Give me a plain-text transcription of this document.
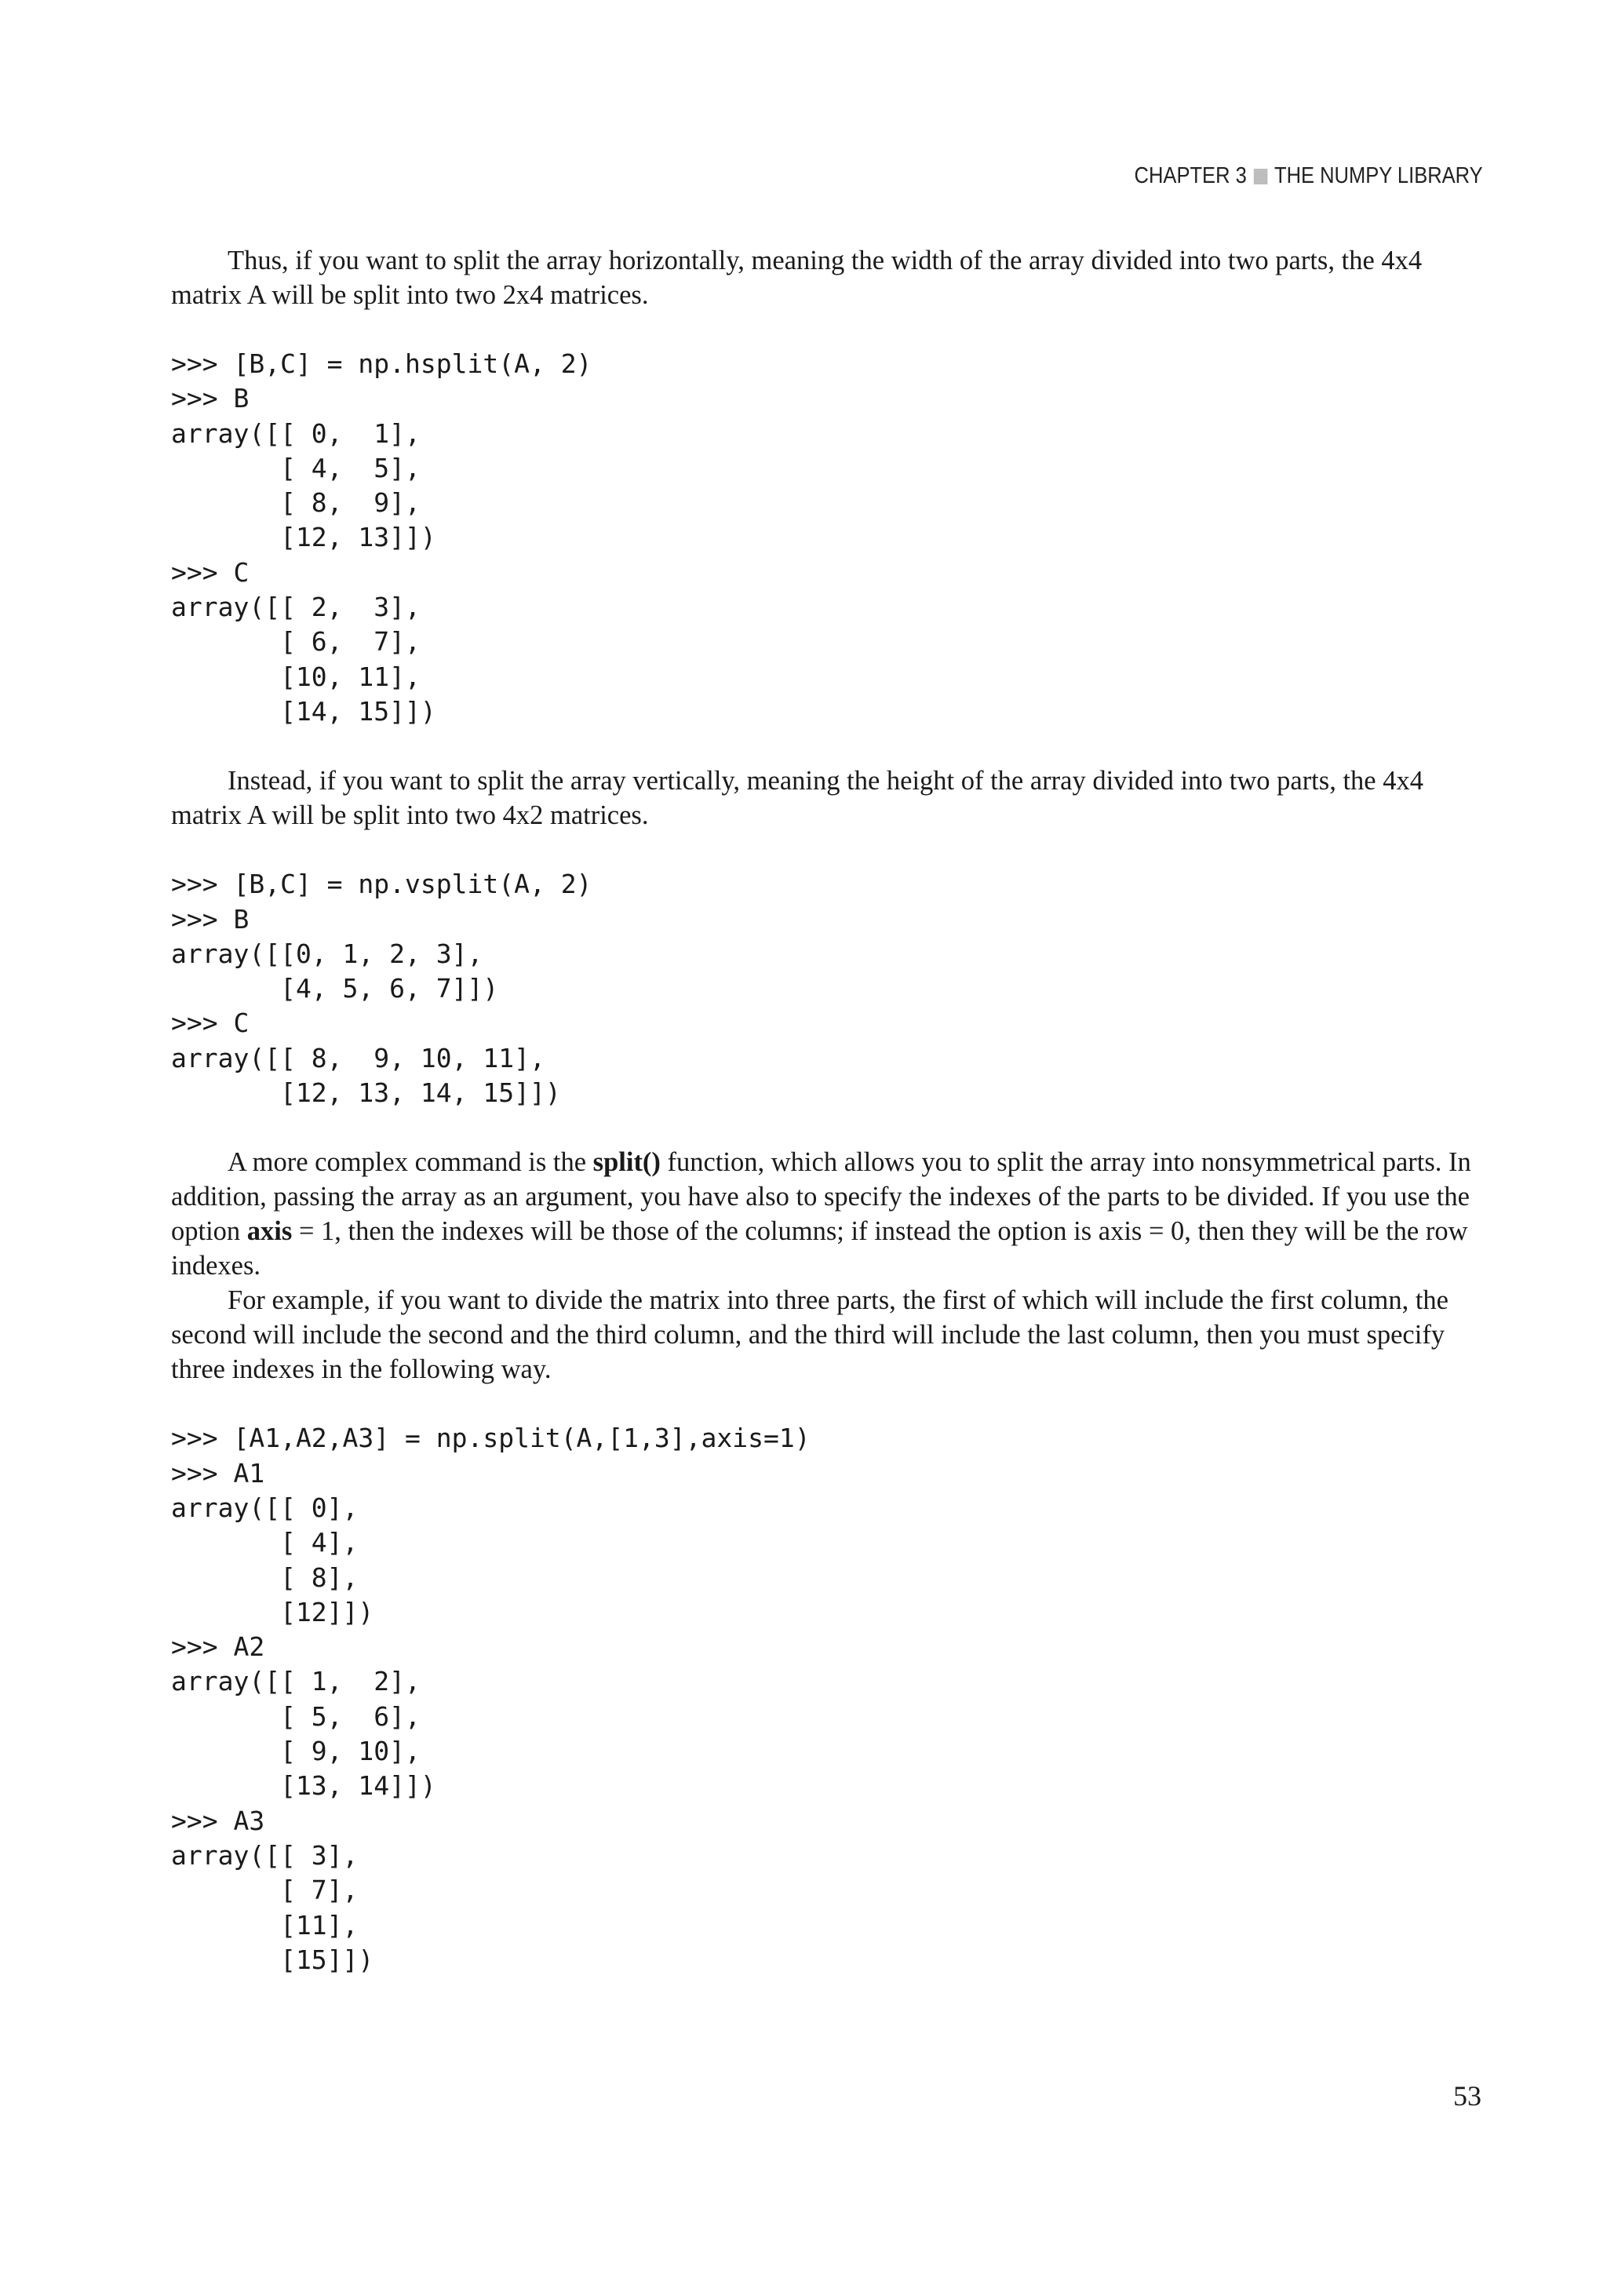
CHAPTER 3 THE NUMPY LIBRARY

Thus, if you want to split the array horizontally, meaning the width of the array divided into two parts, the 4x4 matrix A will be split into two 2x4 matrices.

>>> [B,C] = np.hsplit(A, 2)
>>> B
array([[ 0,  1],
[ 4,  5],
[ 8,  9],
[12, 13]])
>>> C
array([[ 2,  3],
[ 6,  7],
[10, 11],
[14, 15]])

Instead, if you want to split the array vertically, meaning the height of the array divided into two parts, the 4x4 matrix A will be split into two 4x2 matrices.

>>> [B,C] = np.vsplit(A, 2)
>>> B
array([[0, 1, 2, 3],
[4, 5, 6, 7]])
>>> C
array([[ 8,  9, 10, 11],
[12, 13, 14, 15]])

A more complex command is the split() function, which allows you to split the array into nonsymmetrical parts. In addition, passing the array as an argument, you have also to specify the indexes of the parts to be divided. If you use the option axis = 1, then the indexes will be those of the columns; if instead the option is axis = 0, then they will be the row indexes.

For example, if you want to divide the matrix into three parts, the first of which will include the first column, the second will include the second and the third column, and the third will include the last column, then you must specify three indexes in the following way.

>>> [A1,A2,A3] = np.split(A,[1,3],axis=1)
>>> A1
array([[ 0],
[ 4],
[ 8],
[12]])
>>> A2
array([[ 1,  2],
[ 5,  6],
[ 9, 10],
[13, 14]])
>>> A3
array([[ 3],
[ 7],
[11],
[15]])
53
